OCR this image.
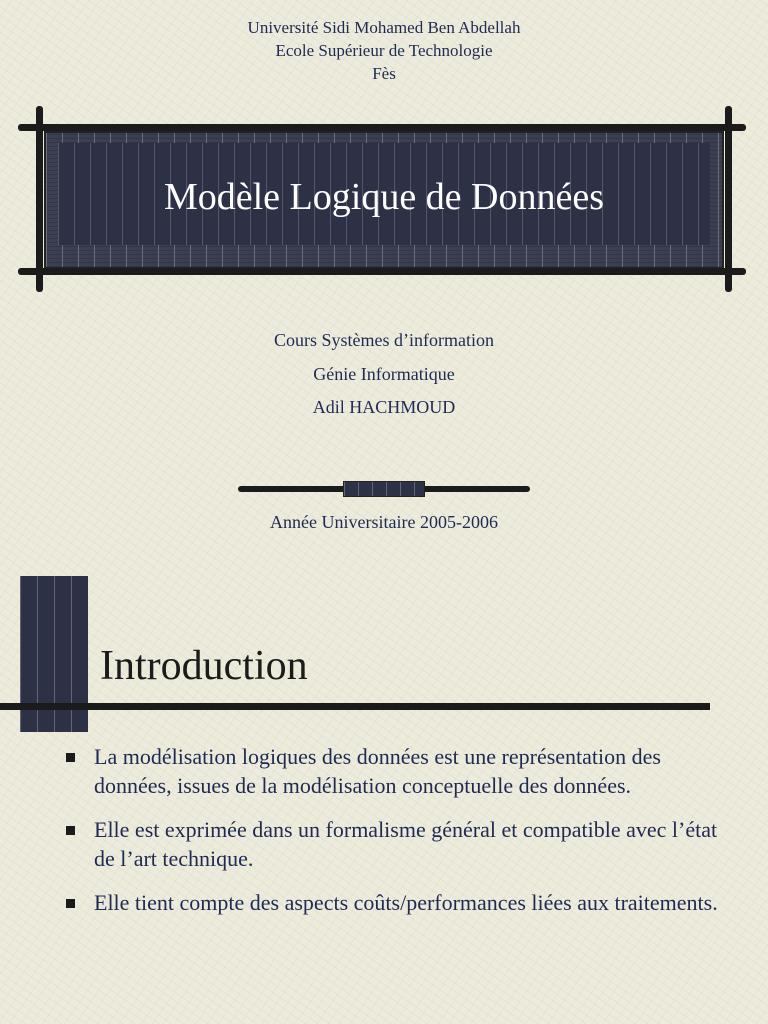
Université Sidi Mohamed Ben Abdellah
Ecole Supérieur de Technologie
Fès
Modèle Logique de Données
Cours Systèmes d’information
Génie Informatique
Adil HACHMOUD
Année Universitaire 2005-2006
Introduction
La modélisation logiques des données est une représentation des données, issues de la modélisation conceptuelle des données.
Elle est exprimée dans un formalisme général et compatible avec l’état de l’art technique.
Elle tient compte des aspects coûts/performances liées aux traitements.
